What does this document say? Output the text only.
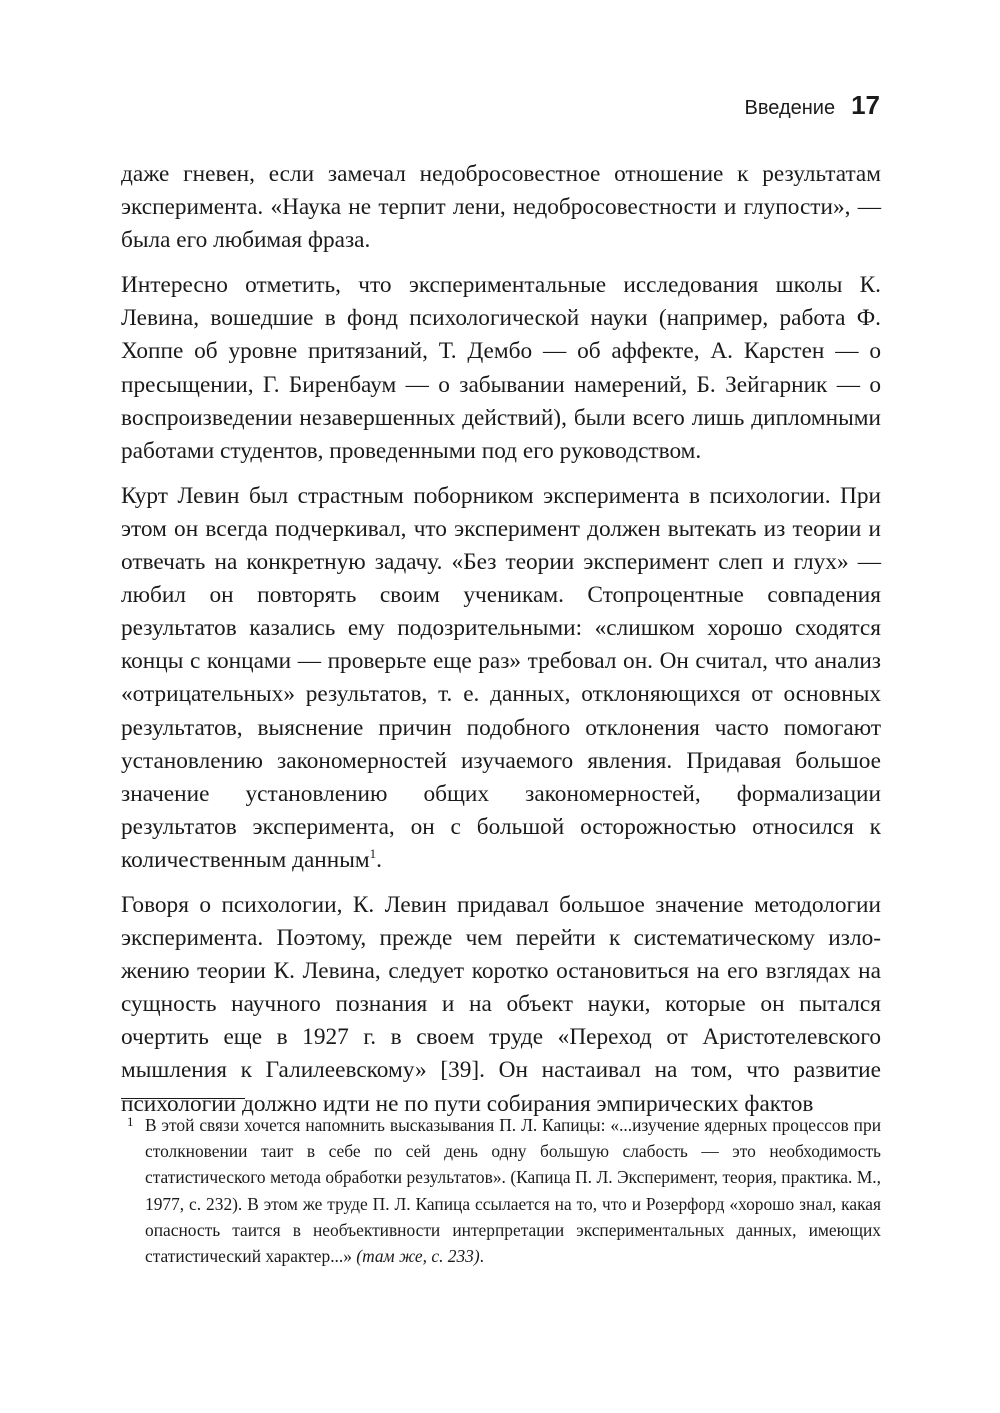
Введение 17

даже гневен, если замечал недобросовестное отношение к результатам эксперимента. «Наука не терпит лени, недобросовестности и глупости», — была его любимая фраза.

Интересно отметить, что экспериментальные исследования школы К. Левина, вошедшие в фонд психологической науки (например, работа Ф. Хоппе об уровне притязаний, Т. Дембо — об аффекте, А. Карстен — о пресыщении, Г. Биренбаум — о забывании намерений, Б. Зейгарник — о воспроизведении незавершенных действий), были всего лишь дипломными работами студентов, проведенными под его руководством.

Курт Левин был страстным поборником эксперимента в психологии. При этом он всегда подчеркивал, что эксперимент должен вытекать из теории и отвечать на конкретную задачу. «Без теории эксперимент слеп и глух» — любил он повторять своим ученикам. Стопроцентные совпадения результатов казались ему подозрительными: «слишком хорошо сходятся концы с концами — проверьте еще раз» требовал он. Он считал, что анализ «отрицательных» результатов, т. е. данных, отклоняющихся от основных результатов, выяснение причин подобного отклонения часто помогают установлению закономерностей изучаемого явления. Придавая большое значение установлению общих закономерностей, формализации результатов эксперимента, он с большой осторожностью относился к количественным данным$^1$.

Говоря о психологии, К. Левин придавал большое значение методологии эксперимента. Поэтому, прежде чем перейти к систематическому изложению теории К. Левина, следует коротко остановиться на его взглядах на сущность научного познания и на объект науки, которые он пытался очертить еще в 1927 г. в своем труде «Переход от Аристотелевского мышления к Галилеевскому» [39]. Он настаивал на том, что развитие психологии должно идти не по пути собирания эмпирических фактов

1 В этой связи хочется напомнить высказывания П. Л. Капицы: «...изучение ядерных процессов при столкновении таит в себе по сей день одну большую слабость — это необходимость статистического метода обработки результатов». (Капица П. Л. Эксперимент, теория, практика. М., 1977, с. 232). В этом же труде П. Л. Капица ссылается на то, что и Розерфорд «хорошо знал, какая опасность таится в необъективности интерпретации экспериментальных данных, имеющих статистический характер...» (там же, с. 233).
